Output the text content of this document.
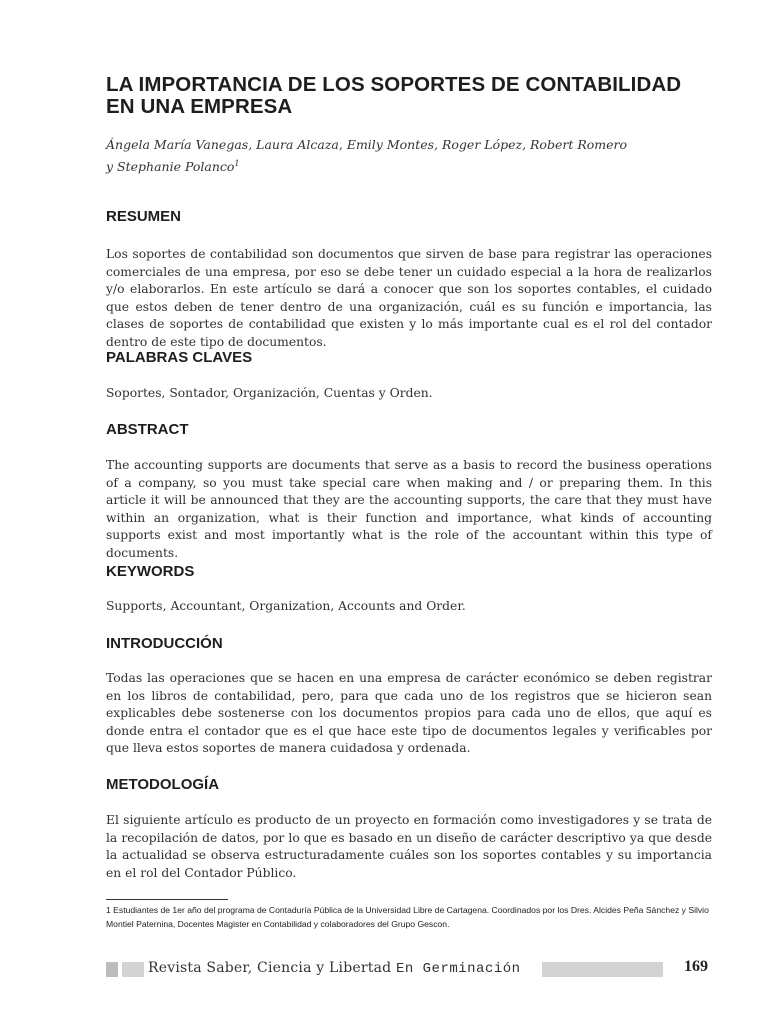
LA IMPORTANCIA DE LOS SOPORTES DE CONTABILIDAD EN UNA EMPRESA
Ángela María Vanegas, Laura Alcaza, Emily Montes, Roger López, Robert Romero
y Stephanie Polanco$^1$
RESUMEN

Los soportes de contabilidad son documentos que sirven de base para registrar las operaciones comerciales de una empresa, por eso se debe tener un cuidado especial a la hora de realizarlos y/o elaborarlos. En este artículo se dará a conocer que son los soportes contables, el cuidado que estos deben de tener dentro de una organización, cuál es su función e importancia, las clases de soportes de contabilidad que existen y lo más importante cual es el rol del contador dentro de este tipo de documentos.

PALABRAS CLAVES

Soportes, Sontador, Organización, Cuentas y Orden.

ABSTRACT

The accounting supports are documents that serve as a basis to record the business operations of a company, so you must take special care when making and / or preparing them. In this article it will be announced that they are the accounting supports, the care that they must have within an organization, what is their function and importance, what kinds of accounting supports exist and most importantly what is the role of the accountant within this type of documents.

KEYWORDS

Supports, Accountant, Organization, Accounts and Order.

INTRODUCCIÓN

Todas las operaciones que se hacen en una empresa de carácter económico se deben registrar en los libros de contabilidad, pero, para que cada uno de los registros que se hicieron sean explicables debe sostenerse con los documentos propios para cada uno de ellos, que aquí es donde entra el contador que es el que hace este tipo de documentos legales y verificables por que lleva estos soportes de manera cuidadosa y ordenada.

METODOLOGÍA

El siguiente artículo es producto de un proyecto en formación como investigadores y se trata de la recopilación de datos, por lo que es basado en un diseño de carácter descriptivo ya que desde la actualidad se observa estructuradamente cuáles son los soportes contables y su importancia en el rol del Contador Público.

1 Estudiantes de 1er año del programa de Contaduría Pública de la Universidad Libre de Cartagena. Coordinados por los Dres. Alcides Peña Sánchez y Silvio Montiel Paternina, Docentes Magister en Contabilidad y colaboradores del Grupo Gescon.
Revista Saber, Ciencia y Libertad En Germinación	169
